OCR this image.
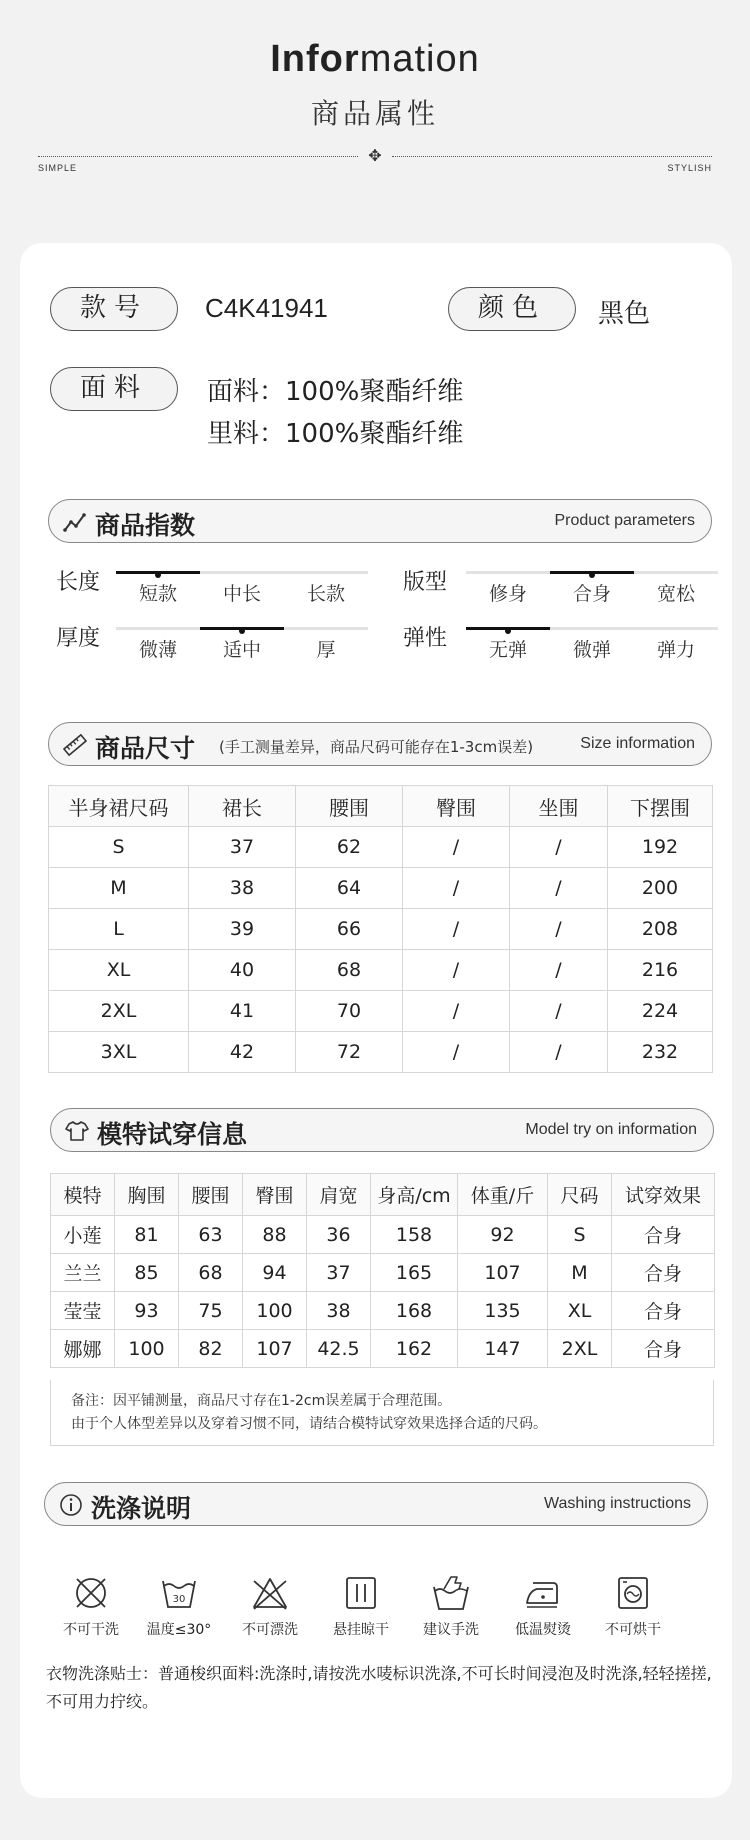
Information
商品属性
✥
SIMPLE	STYLISH
款号	C4K41941	颜色	黑色
面料	面料：100%聚酯纤维
里料：100%聚酯纤维
商品指数	Product parameters
长度	短款	中长	长款	版型	修身	合身	宽松
厚度	微薄	适中	厚	弹性	无弹	微弹	弹力
商品尺寸 (手工测量差异，商品尺码可能存在1-3cm误差)	Size information
半身裙尺码	裙长	腰围	臀围	坐围	下摆围
S	37	62	/	/	192
M	38	64	/	/	200
L	39	66	/	/	208
XL	40	68	/	/	216
2XL	41	70	/	/	224
3XL	42	72	/	/	232
模特试穿信息	Model try on information
模特	胸围	腰围	臀围	肩宽	身高/cm	体重/斤	尺码	试穿效果
小莲	81	63	88	36	158	92	S	合身
兰兰	85	68	94	37	165	107	M	合身
莹莹	93	75	100	38	168	135	XL	合身
娜娜	100	82	107	42.5	162	147	2XL	合身
备注：因平铺测量，商品尺寸存在1-2cm误差属于合理范围。
由于个人体型差异以及穿着习惯不同，请结合模特试穿效果选择合适的尺码。
洗涤说明	Washing instructions
不可干洗
30
温度≤30°	不可漂洗	悬挂晾干	建议手洗	低温熨烫	不可烘干
衣物洗涤贴士：普通梭织面料:洗涤时,请按洗水唛标识洗涤,不可长时间浸泡及时洗涤,轻轻搓搓,不可用力拧绞。
